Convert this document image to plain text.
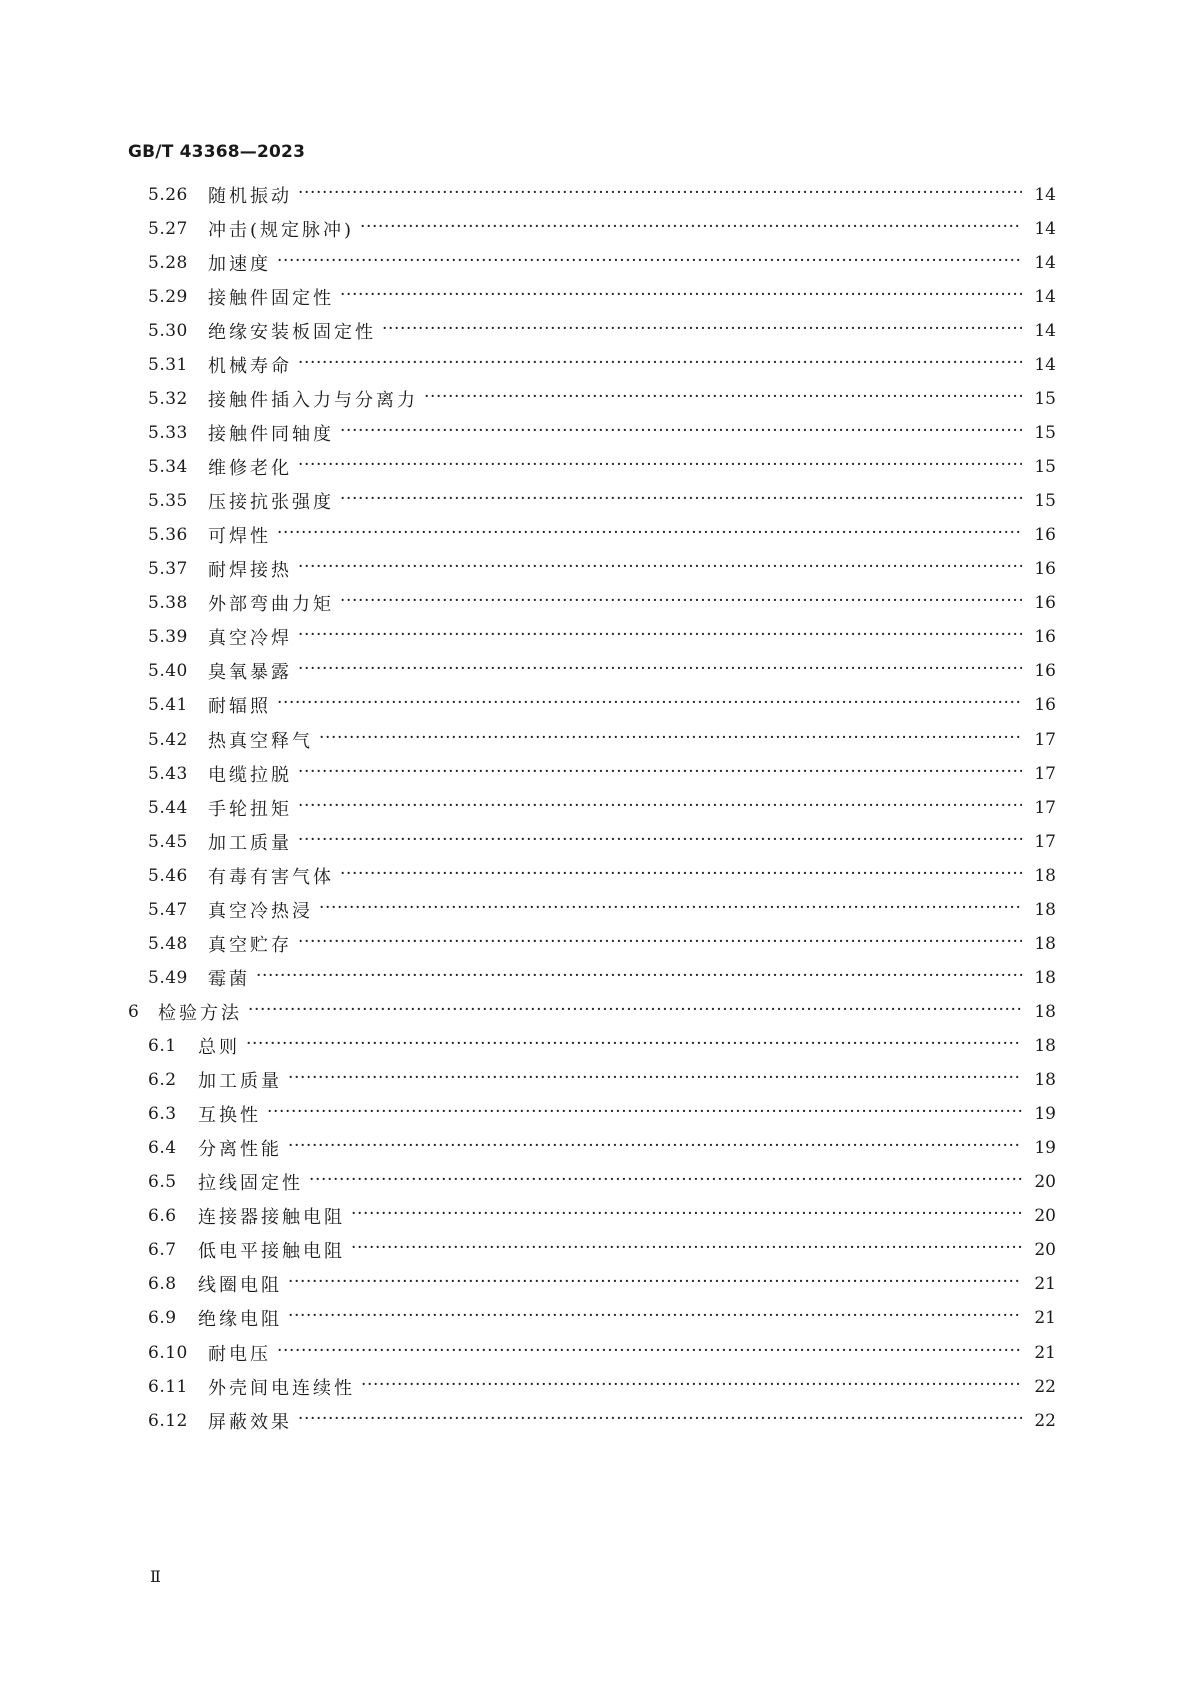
GB/T 43368—2023
5.26	随机振动 ·····	14
5.27	冲击(规定脉冲) ·····	14
5.28	加速度 ·····	14
5.29	接触件固定性 ·····	14
5.30	绝缘安装板固定性 ·····	14
5.31	机械寿命 ·····	14
5.32	接触件插入力与分离力 ·····	15
5.33	接触件同轴度 ·····	15
5.34	维修老化 ·····	15
5.35	压接抗张强度 ·····	15
5.36	可焊性 ·····	16
5.37	耐焊接热 ·····	16
5.38	外部弯曲力矩 ·····	16
5.39	真空冷焊 ·····	16
5.40	臭氧暴露 ·····	16
5.41	耐辐照 ·····	16
5.42	热真空释气 ·····	17
5.43	电缆拉脱 ·····	17
5.44	手轮扭矩 ·····	17
5.45	加工质量 ·····	17
5.46	有毒有害气体 ·····	18
5.47	真空冷热浸 ·····	18
5.48	真空贮存 ·····	18
5.49	霉菌 ·····	18
6	检验方法 ·····	18
6.1	总则 ·····	18
6.2	加工质量 ·····	18
6.3	互换性 ·····	19
6.4	分离性能 ·····	19
6.5	拉线固定性 ·····	20
6.6	连接器接触电阻 ·····	20
6.7	低电平接触电阻 ·····	20
6.8	线圈电阻 ·····	21
6.9	绝缘电阻 ·····	21
6.10	耐电压 ·····	21
6.11	外壳间电连续性 ·····	22
6.12	屏蔽效果 ·····	22
Ⅱ
